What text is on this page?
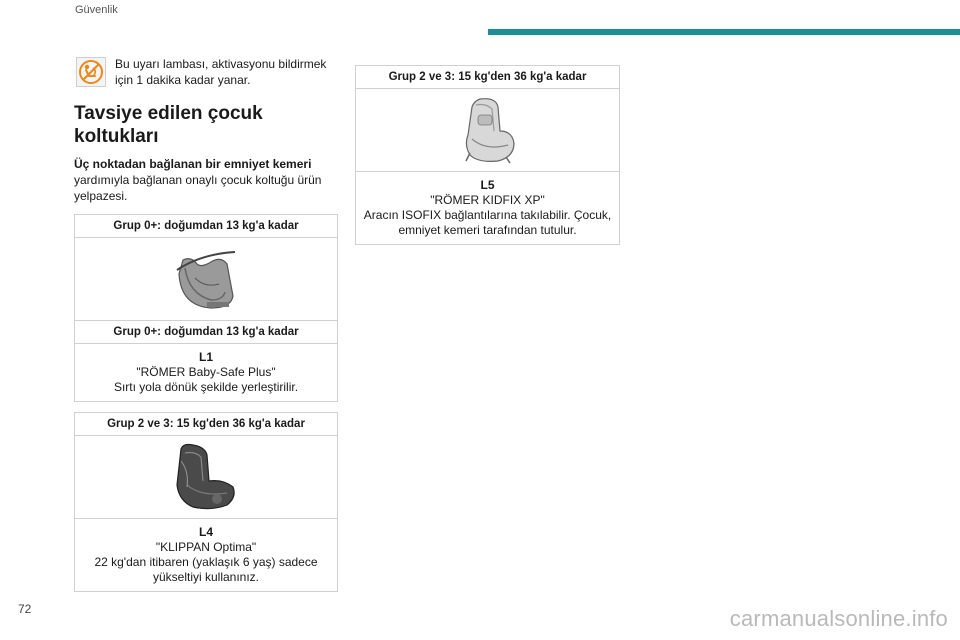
Güvenlik
Bu uyarı lambası, aktivasyonu bildirmek için 1 dakika kadar yanar.
Tavsiye edilen çocuk koltukları
Üç noktadan bağlanan bir emniyet kemeri yardımıyla bağlanan onaylı çocuk koltuğu ürün yelpazesi.
Grup 0+: doğumdan 13 kg'a kadar
Grup 0+: doğumdan 13 kg'a kadar
L1
"RÖMER Baby-Safe Plus"
Sırtı yola dönük şekilde yerleştirilir.
Grup 2 ve 3: 15 kg'den 36 kg'a kadar
L4
"KLIPPAN Optima"
22 kg'dan itibaren (yaklaşık 6 yaş) sadece yükseltiyi kullanınız.
Grup 2 ve 3: 15 kg'den 36 kg'a kadar
L5
"RÖMER KIDFIX XP"
Aracın ISOFIX bağlantılarına takılabilir. Çocuk, emniyet kemeri tarafından tutulur.
72	carmanualsonline.info
